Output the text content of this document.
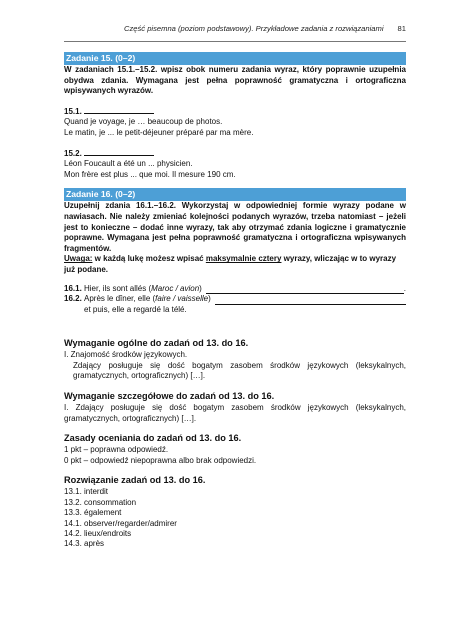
Część pisemna (poziom podstawowy). Przykładowe zadania z rozwiązaniami 81
Zadanie 15. (0–2)

W zadaniach 15.1.–15.2. wpisz obok numeru zadania wyraz, który poprawnie uzupełnia obydwa zdania. Wymagana jest pełna poprawność gramatyczna i ortograficzna wpisywanych wyrazów.

15.1.

Quand je voyage, je … beaucoup de photos.

Le matin, je ... le petit-déjeuner préparé par ma mère.

15.2.

Léon Foucault a été un ... physicien.

Mon frère est plus ... que moi. Il mesure 190 cm.

Zadanie 16. (0–2)

Uzupełnij zdania 16.1.–16.2. Wykorzystaj w odpowiedniej formie wyrazy podane w nawiasach. Nie należy zmieniać kolejności podanych wyrazów, trzeba natomiast – jeżeli jest to konieczne – dodać inne wyrazy, tak aby otrzymać zdania logiczne i gramatycznie poprawne. Wymagana jest pełna poprawność gramatyczna i ortograficzna wpisywanych fragmentów.

Uwaga: w każdą lukę możesz wpisać maksymalnie cztery wyrazy, wliczając w to wyrazy już podane.

16.1. Hier, ils sont allés (Maroc / avion)	.
16.2. Après le dîner, elle (faire / vaisselle)

et puis, elle a regardé la télé.

Wymaganie ogólne do zadań od 13. do 16.

I. Znajomość środków językowych.

Zdający posługuje się dość bogatym zasobem środków językowych (leksykalnych, gramatycznych, ortograficznych) […].

Wymaganie szczegółowe do zadań od 13. do 16.

I. Zdający posługuje się dość bogatym zasobem środków językowych (leksykalnych, gramatycznych, ortograficznych) […].

Zasady oceniania do zadań od 13. do 16.

1 pkt – poprawna odpowiedź.

0 pkt – odpowiedź niepoprawna albo brak odpowiedzi.

Rozwiązanie zadań od 13. do 16.

13.1. interdit

13.2. consommation

13.3. également

14.1. observer/regarder/admirer

14.2. lieux/endroits

14.3. après
